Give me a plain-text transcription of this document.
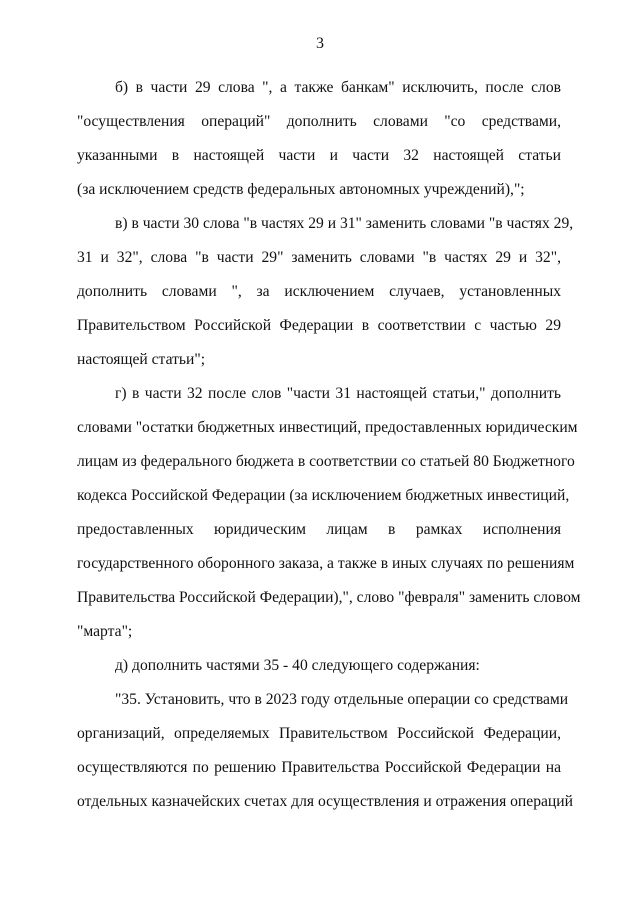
3
б) в части 29 слова ", а также банкам" исключить, после слов
"осуществления операций" дополнить словами "со средствами,
указанными в настоящей части и части 32 настоящей статьи
(за исключением средств федеральных автономных учреждений),";
в) в части 30 слова "в частях 29 и 31" заменить словами "в частях 29,
31 и 32", слова "в части 29" заменить словами "в частях 29 и 32",
дополнить словами ", за исключением случаев, установленных
Правительством Российской Федерации в соответствии с частью 29
настоящей статьи";
г) в части 32 после слов "части 31 настоящей статьи," дополнить
словами "остатки бюджетных инвестиций, предоставленных юридическим
лицам из федерального бюджета в соответствии со статьей 80 Бюджетного
кодекса Российской Федерации (за исключением бюджетных инвестиций,
предоставленных юридическим лицам в рамках исполнения
государственного оборонного заказа, а также в иных случаях по решениям
Правительства Российской Федерации),", слово "февраля" заменить словом
"марта";
д) дополнить частями 35 - 40 следующего содержания:
"35. Установить, что в 2023 году отдельные операции со средствами
организаций, определяемых Правительством Российской Федерации,
осуществляются по решению Правительства Российской Федерации на
отдельных казначейских счетах для осуществления и отражения операций
